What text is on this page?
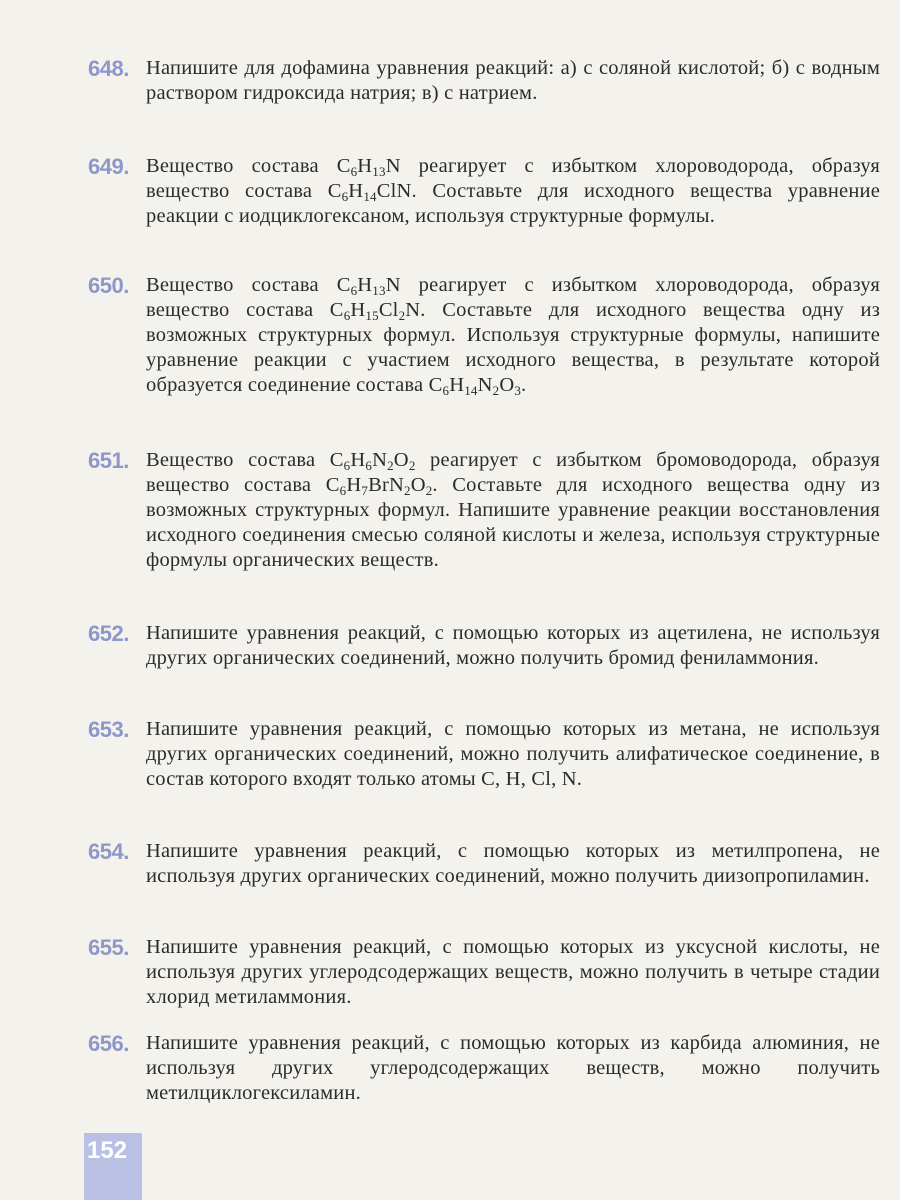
648. Напишите для дофамина уравнения реакций: а) с соляной кислотой; б) с водным раствором гидроксида натрия; в) с натрием.
649. Вещество состава $C_6H_{13}N$ реагирует с избытком хлороводорода, образуя вещество состава $C_6H_{14}ClN$. Составьте для исходного вещества уравнение реакции с иодциклогексаном, используя структурные формулы.
650. Вещество состава $C_6H_{13}N$ реагирует с избытком хлороводорода, образуя вещество состава $C_6H_{15}Cl_2N$. Составьте для исходного вещества одну из возможных структурных формул. Используя структурные формулы, напишите уравнение реакции с участием исходного вещества, в результате которой образуется соединение состава $C_6H_{14}N_2O_3$.
651. Вещество состава $C_6H_6N_2O_2$ реагирует с избытком бромоводорода, образуя вещество состава $C_6H_7BrN_2O_2$. Составьте для исходного вещества одну из возможных структурных формул. Напишите уравнение реакции восстановления исходного соединения смесью соляной кислоты и железа, используя структурные формулы органических веществ.
652. Напишите уравнения реакций, с помощью которых из ацетилена, не используя других органических соединений, можно получить бромид фениламмония.
653. Напишите уравнения реакций, с помощью которых из метана, не используя других органических соединений, можно получить алифатическое соединение, в состав которого входят только атомы C, H, Cl, N.
654. Напишите уравнения реакций, с помощью которых из метилпропена, не используя других органических соединений, можно получить диизопропиламин.
655. Напишите уравнения реакций, с помощью которых из уксусной кислоты, не используя других углеродсодержащих веществ, можно получить в четыре стадии хлорид метиламмония.
656. Напишите уравнения реакций, с помощью которых из карбида алюминия, не используя других углеродсодержащих веществ, можно получить метилциклогексиламин.
152
